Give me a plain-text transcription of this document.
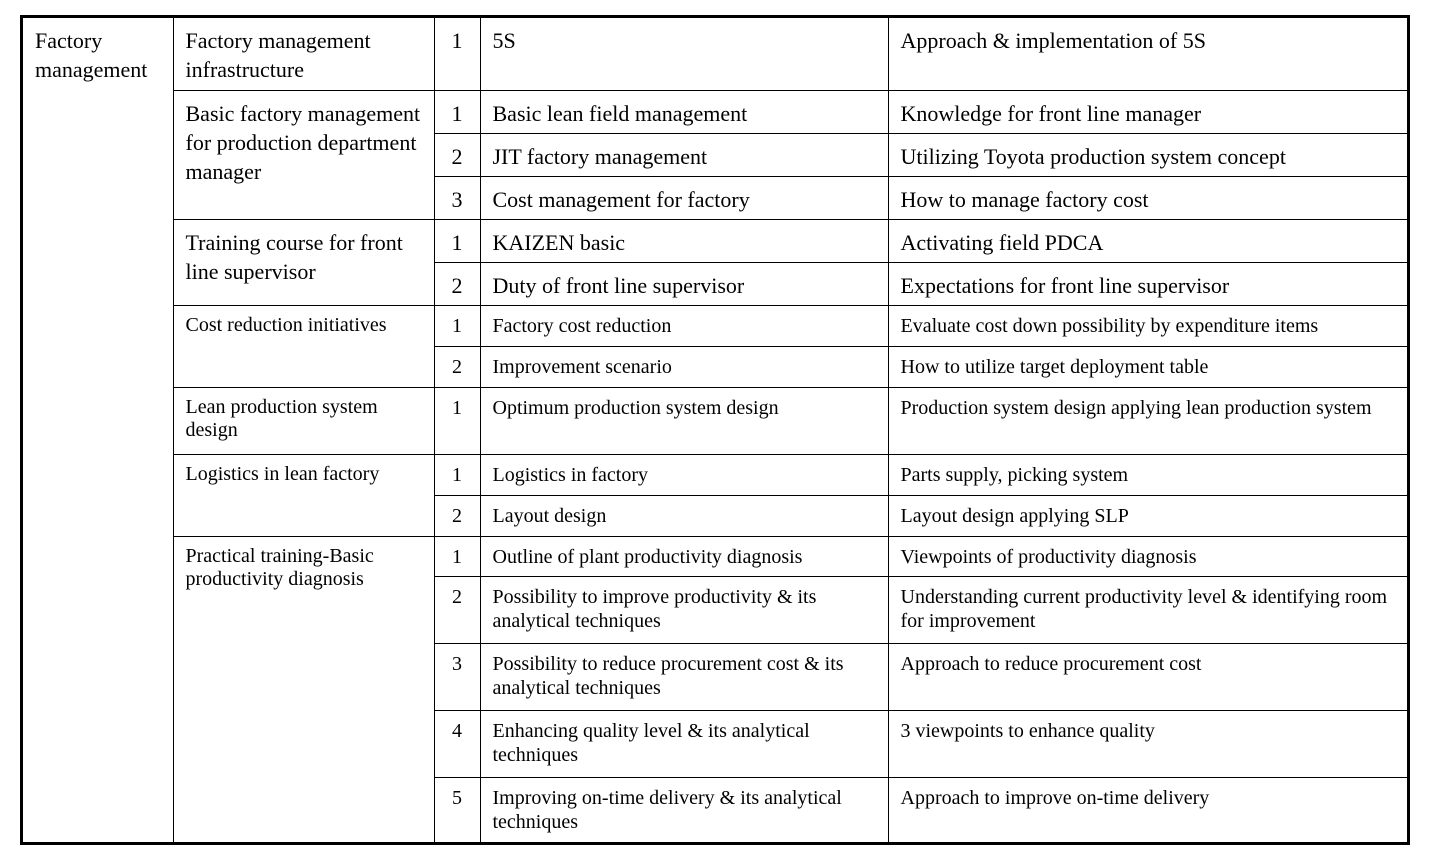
Factory management	Factory management infrastructure	1	5S	Approach & implementation of 5S
	Basic factory management for production department manager	1	Basic lean field management	Knowledge for front line manager
		2	JIT factory management	Utilizing Toyota production system concept
		3	Cost management for factory	How to manage factory cost
	Training course for front line supervisor	1	KAIZEN basic	Activating field PDCA
		2	Duty of front line supervisor	Expectations for front line supervisor
	Cost reduction initiatives	1	Factory cost reduction	Evaluate cost down possibility by expenditure items
		2	Improvement scenario	How to utilize target deployment table
	Lean production system design	1	Optimum production system design	Production system design applying lean production system
	Logistics in lean factory	1	Logistics in factory	Parts supply, picking system
		2	Layout design	Layout design applying SLP
	Practical training-Basic productivity diagnosis	1	Outline of plant productivity diagnosis	Viewpoints of productivity diagnosis
		2	Possibility to improve productivity & its analytical techniques	Understanding current productivity level & identifying room for improvement
		3	Possibility to reduce procurement cost & its analytical techniques	Approach to reduce procurement cost
		4	Enhancing quality level & its analytical techniques	3 viewpoints to enhance quality
		5	Improving on-time delivery & its analytical techniques	Approach to improve on-time delivery
